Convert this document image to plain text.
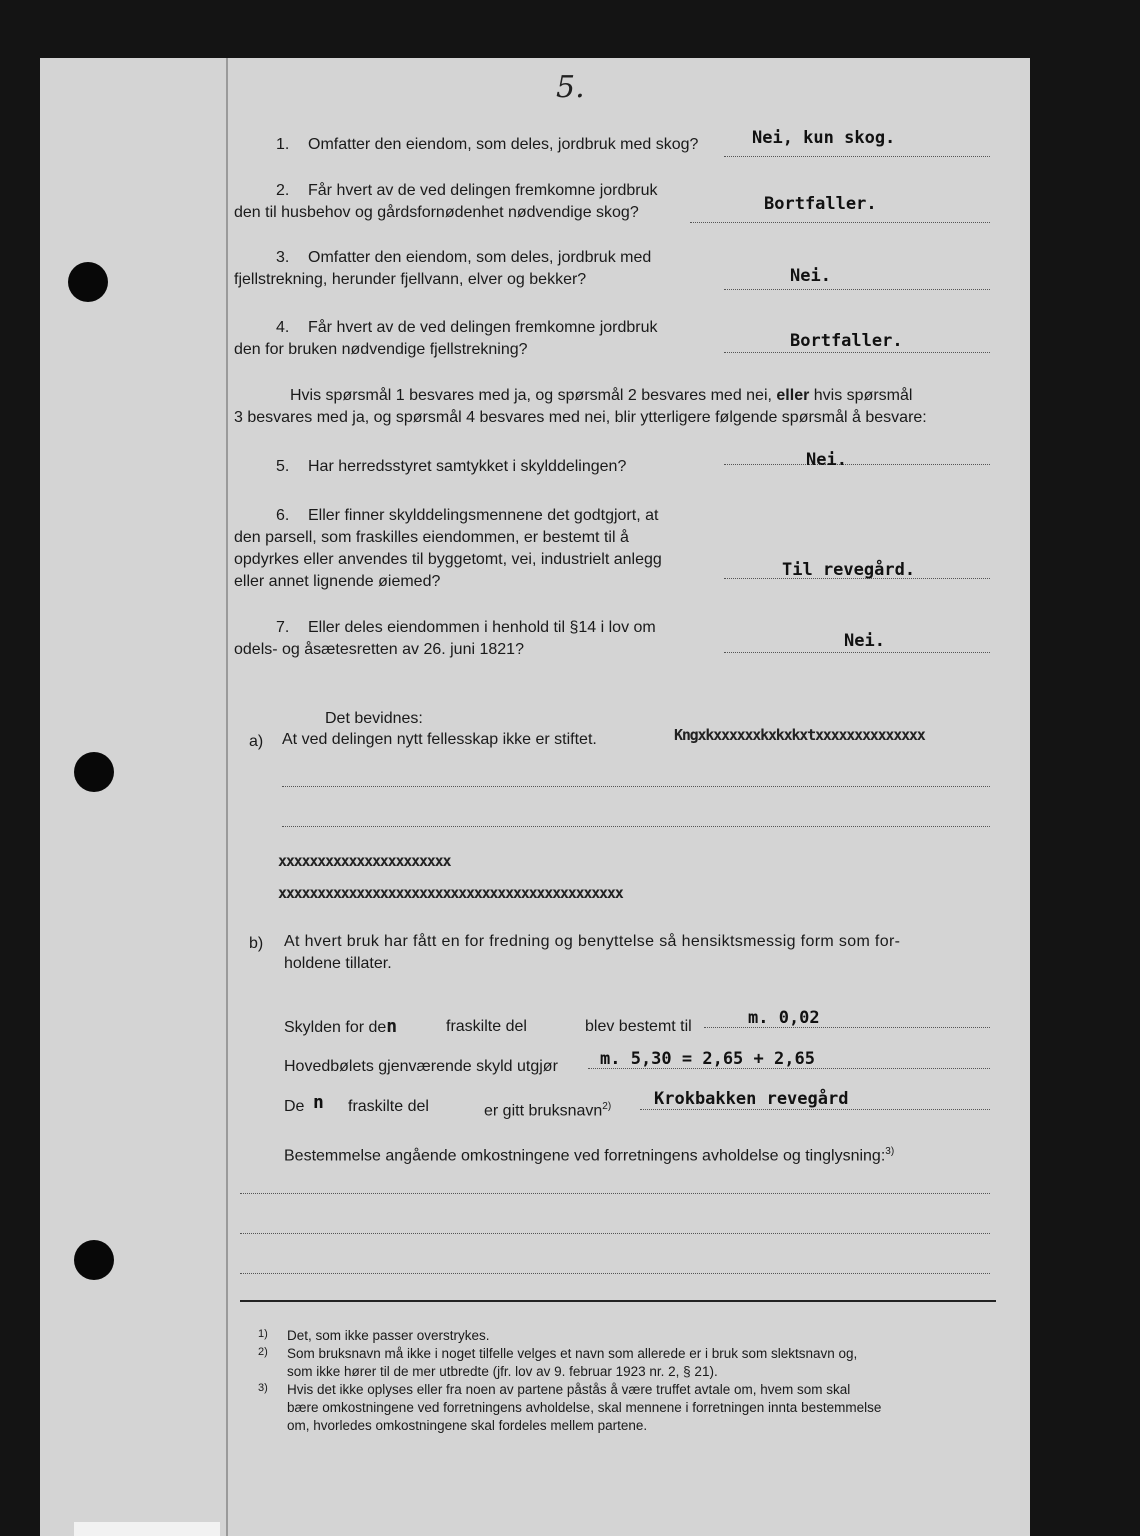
5.
1. Omfatter den eiendom, som deles, jordbruk med skog?	Nei, kun skog.
2. Får hvert av de ved delingen fremkomne jordbruk
den til husbehov og gårdsfornødenhet nødvendige skog?	Bortfaller.
3. Omfatter den eiendom, som deles, jordbruk med
fjellstrekning, herunder fjellvann, elver og bekker?	Nei.
4. Får hvert av de ved delingen fremkomne jordbruk
den for bruken nødvendige fjellstrekning?	Bortfaller.
Hvis spørsmål 1 besvares med ja, og spørsmål 2 besvares med nei, eller hvis spørsmål
3 besvares med ja, og spørsmål 4 besvares med nei, blir ytterligere følgende spørsmål å besvare:
5. Har herredsstyret samtykket i skylddelingen?	Nei.
6. Eller finner skylddelingsmennene det godtgjort, at
den parsell, som fraskilles eiendommen, er bestemt til å
opdyrkes eller anvendes til byggetomt, vei, industrielt anlegg
eller annet lignende øiemed?
Til revegård.
7. Eller deles eiendommen i henhold til §14 i lov om
odels- og åsætesretten av 26. juni 1821?	Nei.
Det bevidnes:
a) At ved delingen nytt fellesskap ikke er stiftet.	Kngxkxxxxxxkxkxkxtxxxxxxxxxxxxxx
xxxxxxxxxxxxxxxxxxxxxx
xxxxxxxxxxxxxxxxxxxxxxxxxxxxxxxxxxxxxxxxxxxx
b) At hvert bruk har fått en for fredning og benyttelse så hensiktsmessig form som for-
holdene tillater.
Skylden for den	fraskilte del	blev bestemt til	m. 0,02
Hovedbølets gjenværende skyld utgjør m. 5,30 = 2,65 + 2,65
De n fraskilte del	er gitt bruksnavn$^{2)}$	Krokbakken revegård
Bestemmelse angående omkostningene ved forretningens avholdelse og tinglysning:$^{3)}$
1) Det, som ikke passer overstrykes.
2) Som bruksnavn må ikke i noget tilfelle velges et navn som allerede er i bruk som slektsnavn og,
som ikke hører til de mer utbredte (jfr. lov av 9. februar 1923 nr. 2, § 21).
3) Hvis det ikke oplyses eller fra noen av partene påstås å være truffet avtale om, hvem som skal
bære omkostningene ved forretningens avholdelse, skal mennene i forretningen innta bestemmelse
om, hvorledes omkostningene skal fordeles mellem partene.
